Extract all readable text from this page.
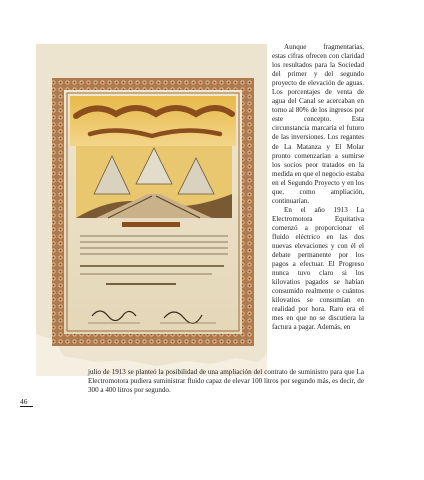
Aunque fragmentarias, estas cifras ofrecen con claridad los resultados para la Sociedad del primer y del segundo proyecto de elevación de aguas. Los porcentajes de venta de agua del Canal se acercaban en torno al 80% de los ingresos por este concepto. Esta circunstancia marcaría el futuro de las inversiones. Los regantes de La Matanza y El Molar pronto comenzarían a sumirse los socios peor tratados en la medida en que el negocio estaba en el Segundo Proyecto y en los que, como ampliación, continuarían.

En el año 1913 La Electromotora Equitativa comenzó a proporcionar el fluido eléctrico en las dos nuevas elevaciones y con él el debate permanente por los pagos a efectuar. El Progreso nunca tuvo claro si los kilovatios pagados se habían consumido realmente o cuántos kilovatios se consumían en realidad por hora. Raro era el mes en que no se discutiera la factura a pagar. Además, en

julio de 1913 se planteó la posibilidad de una ampliación del contrato de suministro para que La Electromotora pudiera suministrar fluido capaz de elevar 100 litros por segundo más, es decir, de 300 a 400 litros por segundo.

46
